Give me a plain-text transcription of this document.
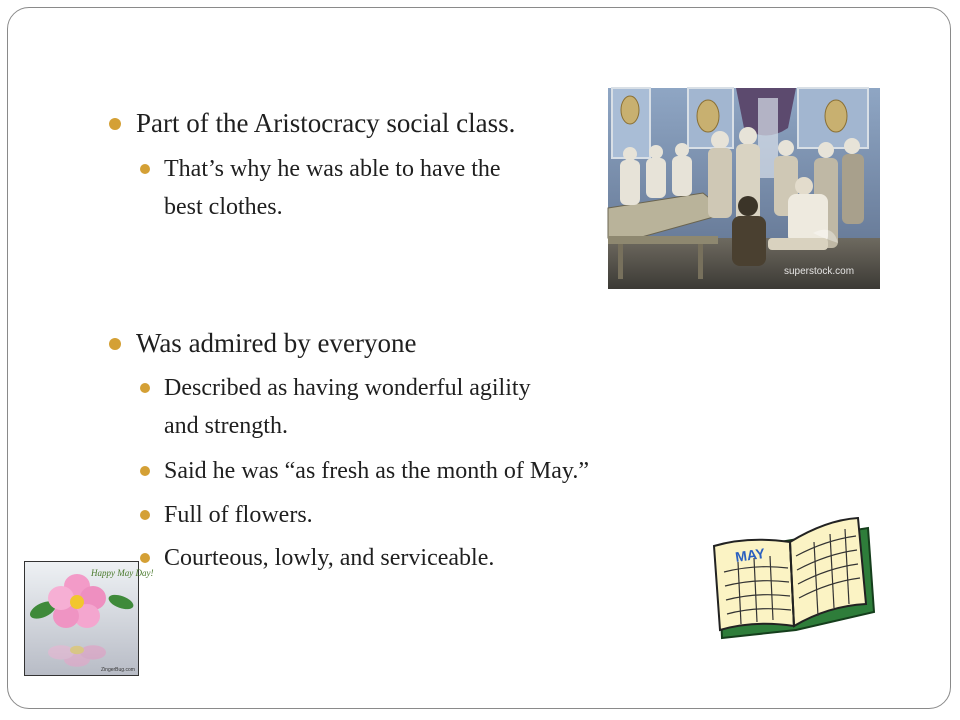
Part of the Aristocracy social class.

That’s why he was able to have the
best clothes.

Was admired by everyone

Described as having wonderful agility
and strength.

Said he was “as fresh as the month of May.”

Full of flowers.

Courteous, lowly, and serviceable.

superstock.com
Happy May Day!
ZingerBug.com
MAY
